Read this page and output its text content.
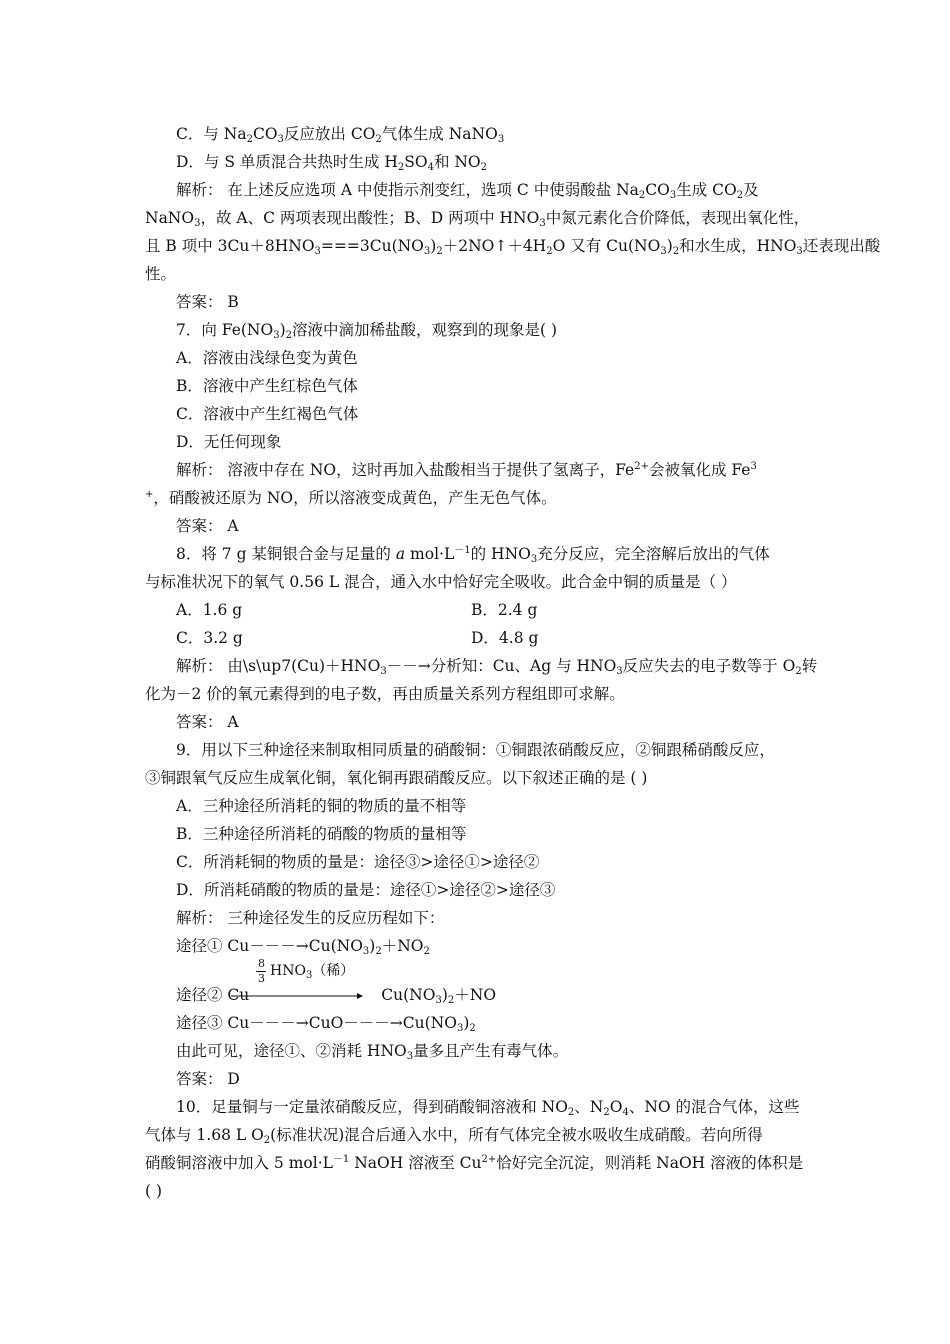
C．与 $Na_2CO_3$反应放出 $CO_2$气体生成 NaNO$_3$
D．与 S 单质混合共热时生成 $H_2SO_4$和 $NO_2$
解析： 在上述反应选项 A 中使指示剂变红，选项 C 中使弱酸盐 $Na_2CO_3$生成 $CO_2$及
NaNO$_3$，故 A、C 两项表现出酸性；B、D 两项中 $HNO_3$中氮元素化合价降低，表现出氧化性，
且 B 项中 $3Cu+8HNO_3===3Cu(NO_3)_2+2NO↑+4H_2O$ 又有 $Cu(NO_3)_2$和水生成，$HNO_3$还表现出酸
性。
答案： B
7．向 $Fe(NO_3)_2$溶液中滴加稀盐酸，观察到的现象是( )
A．溶液由浅绿色变为黄色
B．溶液中产生红棕色气体
C．溶液中产生红褐色气体
D．无任何现象
解析： 溶液中存在 NO，这时再加入盐酸相当于提供了氢离子，$Fe^{2+}$会被氧化成 Fe$^3$
+，硝酸被还原为 NO，所以溶液变成黄色，产生无色气体。
答案： A
8．将 7 g 某铜银合金与足量的 a $mol\cdot L^{-1}$的 $HNO_3$充分反应，完全溶解后放出的气体
与标准状况下的氧气 0.56 L 混合，通入水中恰好完全吸收。此合金中铜的质量是（ ）
A．1.6 g	B．2.4 g
C．3.2 g	D．4.8 g
解析： 由$\backslash s\backslash up7(Cu)+HNO_3--\to$分析知：Cu、Ag 与 $HNO_3$反应失去的电子数等于 $O_2$转
化为－2 价的氧元素得到的电子数，再由质量关系列方程组即可求解。
答案： A
9．用以下三种途径来制取相同质量的硝酸铜：①铜跟浓硝酸反应，②铜跟稀硝酸反应，
③铜跟氧气反应生成氧化铜，氧化铜再跟硝酸反应。以下叙述正确的是 ( )
A．三种途径所消耗的铜的物质的量不相等
B．三种途径所消耗的硝酸的物质的量相等
C．所消耗铜的物质的量是：途径③>途径①>途径②
D．所消耗硝酸的物质的量是：途径①>途径②>途径③
解析： 三种途径发生的反应历程如下：
途径① $Cu---\to Cu(NO_3)_2+NO_2$
8
3 $HNO_3$（稀）
途径② Cu	$Cu(NO_3)_2+NO$
途径③ $Cu---\to CuO---\to Cu(NO_3)_2$
由此可见，途径①、②消耗 $HNO_3$量多且产生有毒气体。
答案： D
10．足量铜与一定量浓硝酸反应，得到硝酸铜溶液和 $NO_2$、$N_2O_4$、NO 的混合气体，这些
气体与 1.68 L $O_2$(标准状况)混合后通入水中，所有气体完全被水吸收生成硝酸。若向所得
硝酸铜溶液中加入 5 $mol\cdot L^{-1}$ NaOH 溶液至 $Cu^{2+}$恰好完全沉淀，则消耗 NaOH 溶液的体积是
( )
